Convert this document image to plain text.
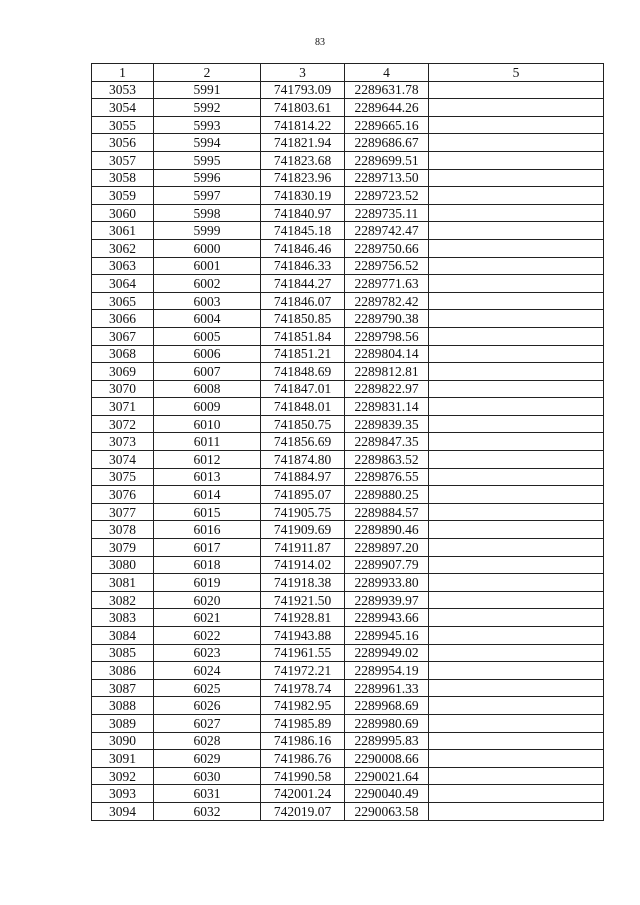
83
1	2	3	4	5
3053	5991	741793.09	2289631.78	
3054	5992	741803.61	2289644.26	
3055	5993	741814.22	2289665.16	
3056	5994	741821.94	2289686.67	
3057	5995	741823.68	2289699.51	
3058	5996	741823.96	2289713.50	
3059	5997	741830.19	2289723.52	
3060	5998	741840.97	2289735.11	
3061	5999	741845.18	2289742.47	
3062	6000	741846.46	2289750.66	
3063	6001	741846.33	2289756.52	
3064	6002	741844.27	2289771.63	
3065	6003	741846.07	2289782.42	
3066	6004	741850.85	2289790.38	
3067	6005	741851.84	2289798.56	
3068	6006	741851.21	2289804.14	
3069	6007	741848.69	2289812.81	
3070	6008	741847.01	2289822.97	
3071	6009	741848.01	2289831.14	
3072	6010	741850.75	2289839.35	
3073	6011	741856.69	2289847.35	
3074	6012	741874.80	2289863.52	
3075	6013	741884.97	2289876.55	
3076	6014	741895.07	2289880.25	
3077	6015	741905.75	2289884.57	
3078	6016	741909.69	2289890.46	
3079	6017	741911.87	2289897.20	
3080	6018	741914.02	2289907.79	
3081	6019	741918.38	2289933.80	
3082	6020	741921.50	2289939.97	
3083	6021	741928.81	2289943.66	
3084	6022	741943.88	2289945.16	
3085	6023	741961.55	2289949.02	
3086	6024	741972.21	2289954.19	
3087	6025	741978.74	2289961.33	
3088	6026	741982.95	2289968.69	
3089	6027	741985.89	2289980.69	
3090	6028	741986.16	2289995.83	
3091	6029	741986.76	2290008.66	
3092	6030	741990.58	2290021.64	
3093	6031	742001.24	2290040.49	
3094	6032	742019.07	2290063.58	
